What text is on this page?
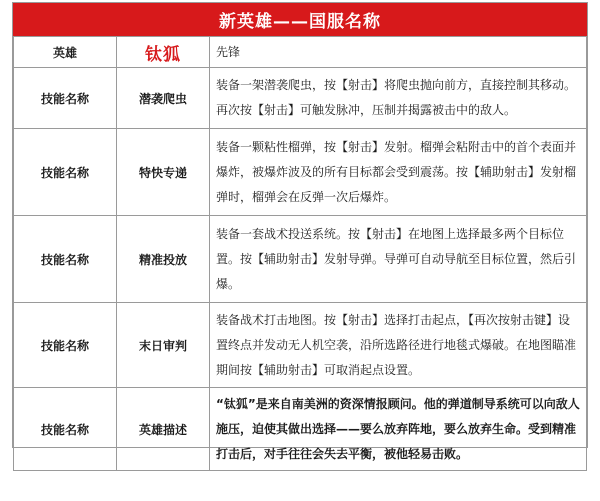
新英雄——国服名称
英雄	钛狐	先锋
技能名称	潜袭爬虫	装备一架潜袭爬虫，按【射击】将爬虫抛向前方，直接控制其移动。再次按【射击】可触发脉冲，压制并揭露被击中的敌人。
技能名称	特快专递	装备一颗粘性榴弹，按【射击】发射。榴弹会粘附击中的首个表面并爆炸，被爆炸波及的所有目标都会受到震荡。按【辅助射击】发射榴弹时，榴弹会在反弹一次后爆炸。
技能名称	精准投放	装备一套战术投送系统。按【射击】在地图上选择最多两个目标位置。按【辅助射击】发射导弹。导弹可自动导航至目标位置，然后引爆。
技能名称	末日审判	装备战术打击地图。按【射击】选择打击起点，【再次按射击键】设置终点并发动无人机空袭，沿所选路径进行地毯式爆破。在地图瞄准期间按【辅助射击】可取消起点设置。
技能名称	英雄描述	“钛狐”是来自南美洲的资深情报顾问。他的弹道制导系统可以向敌人施压，迫使其做出选择——要么放弃阵地，要么放弃生命。受到精准打击后，对手往往会失去平衡，被他轻易击败。
